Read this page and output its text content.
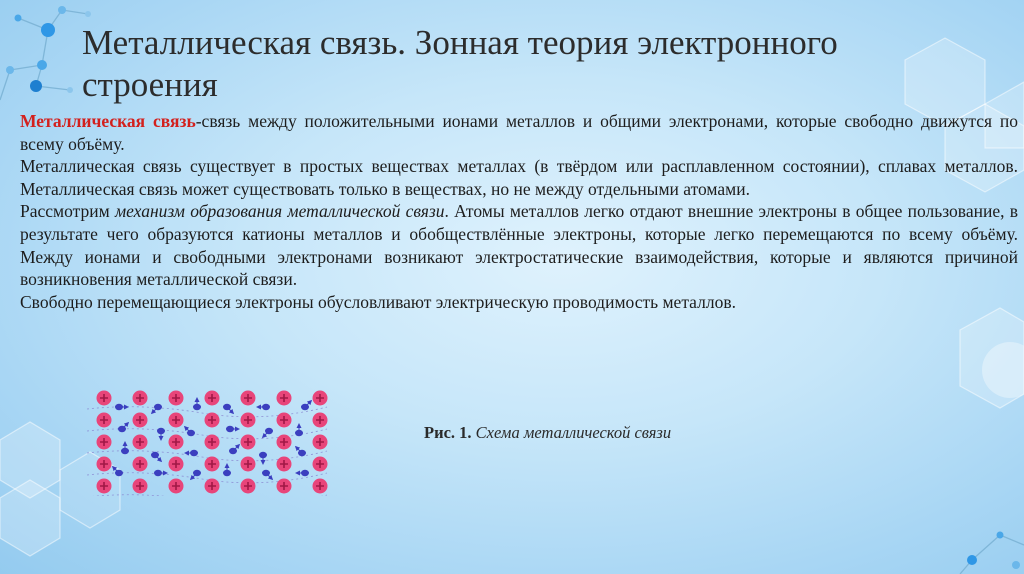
Металлическая связь. Зонная теория электронного строения

Металлическая связь-связь между положительными ионами металлов и общими электронами, которые свободно движутся по всему объёму.

Металлическая связь существует в простых веществах металлах (в твёрдом или расплавленном состоянии), сплавах металлов. Металлическая связь может существовать только в веществах, но не между отдельными атомами.

Рассмотрим механизм образования металлической связи. Атомы металлов легко отдают внешние электроны в общее пользование, в результате чего образуются катионы металлов и обобществлённые электроны, которые легко перемещаются по всему объёму. Между ионами и свободными электронами возникают электростатические взаимодействия, которые и являются причиной возникновения металлической связи.

Свободно перемещающиеся электроны обусловливают электрическую проводимость металлов.

Рис. 1. Схема металлической связи
